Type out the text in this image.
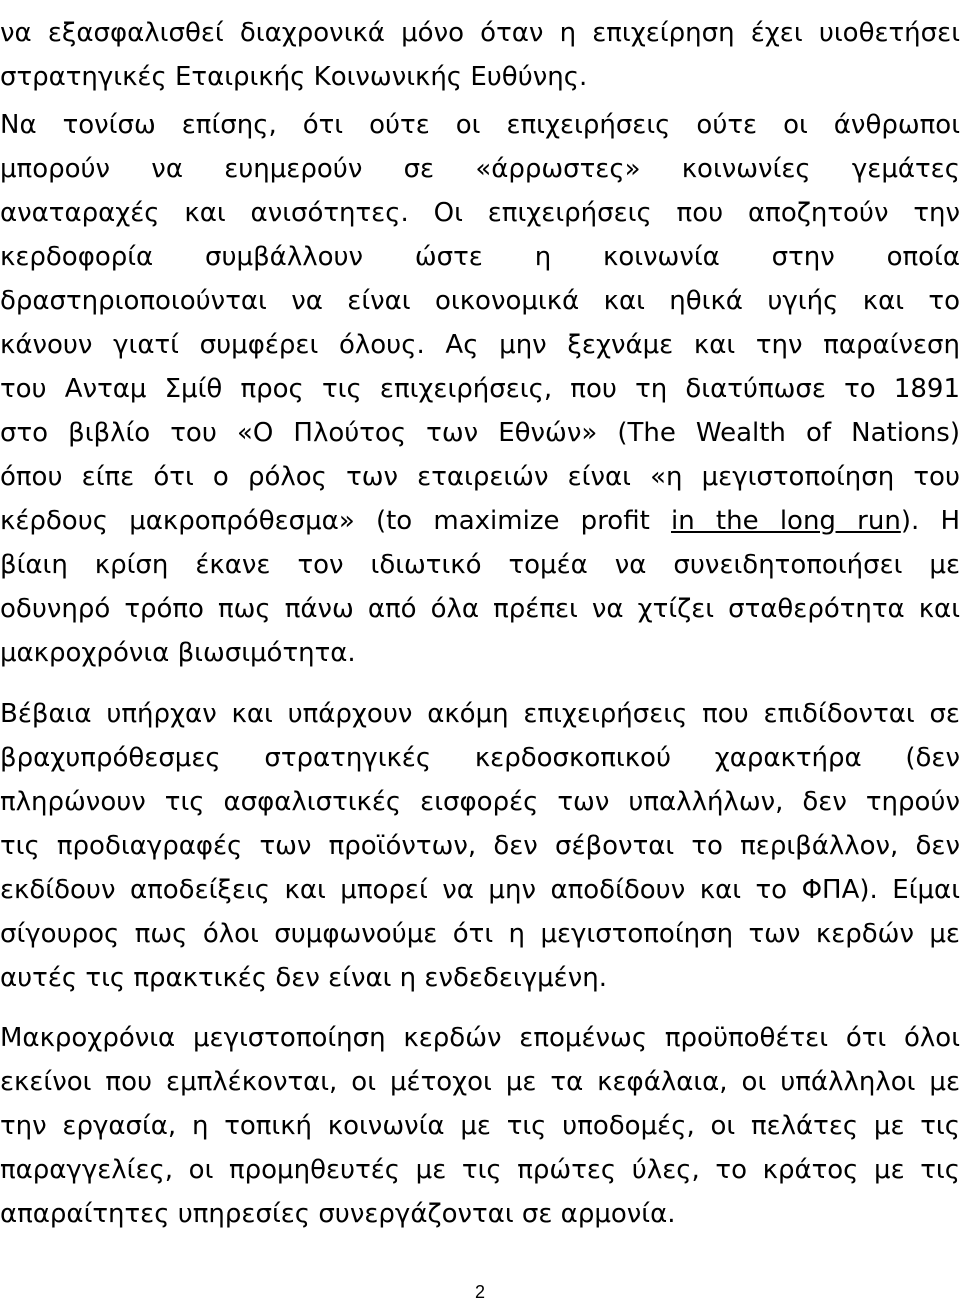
να εξασφαλισθεί διαχρονικά μόνο όταν η επιχείρηση έχει υιοθετήσει
στρατηγικές Εταιρικής Κοινωνικής Ευθύνης.
Να τονίσω επίσης, ότι ούτε οι επιχειρήσεις ούτε οι άνθρωποι
μπορούν να ευημερούν σε «άρρωστες» κοινωνίες γεμάτες
αναταραχές και ανισότητες. Οι επιχειρήσεις που αποζητούν την
κερδοφορία συμβάλλουν ώστε η κοινωνία στην οποία
δραστηριοποιούνται να είναι οικονομικά και ηθικά υγιής και το
κάνουν γιατί συμφέρει όλους. Ας μην ξεχνάμε και την παραίνεση
του Ανταμ Σμίθ προς τις επιχειρήσεις, που τη διατύπωσε το 1891
στο βιβλίο του «Ο Πλούτος των Εθνών» (The Wealth of Nations)
όπου είπε ότι ο ρόλος των εταιρειών είναι «η μεγιστοποίηση του
κέρδους μακροπρόθεσμα» (to maximize profit in the long run). Η
βίαιη κρίση έκανε τον ιδιωτικό τομέα να συνειδητοποιήσει με
οδυνηρό τρόπο πως πάνω από όλα πρέπει να χτίζει σταθερότητα και
μακροχρόνια βιωσιμότητα.
Βέβαια υπήρχαν και υπάρχουν ακόμη επιχειρήσεις που επιδίδονται σε
βραχυπρόθεσμες στρατηγικές κερδοσκοπικού χαρακτήρα (δεν
πληρώνουν τις ασφαλιστικές εισφορές των υπαλλήλων, δεν τηρούν
τις προδιαγραφές των προϊόντων, δεν σέβονται το περιβάλλον, δεν
εκδίδουν αποδείξεις και μπορεί να μην αποδίδουν και το ΦΠΑ). Είμαι
σίγουρος πως όλοι συμφωνούμε ότι η μεγιστοποίηση των κερδών με
αυτές τις πρακτικές δεν είναι η ενδεδειγμένη.
Μακροχρόνια μεγιστοποίηση κερδών επομένως προϋποθέτει ότι όλοι
εκείνοι που εμπλέκονται, οι μέτοχοι με τα κεφάλαια, οι υπάλληλοι με
την εργασία, η τοπική κοινωνία με τις υποδομές, οι πελάτες με τις
παραγγελίες, οι προμηθευτές με τις πρώτες ύλες, το κράτος με τις
απαραίτητες υπηρεσίες συνεργάζονται σε αρμονία.
2
